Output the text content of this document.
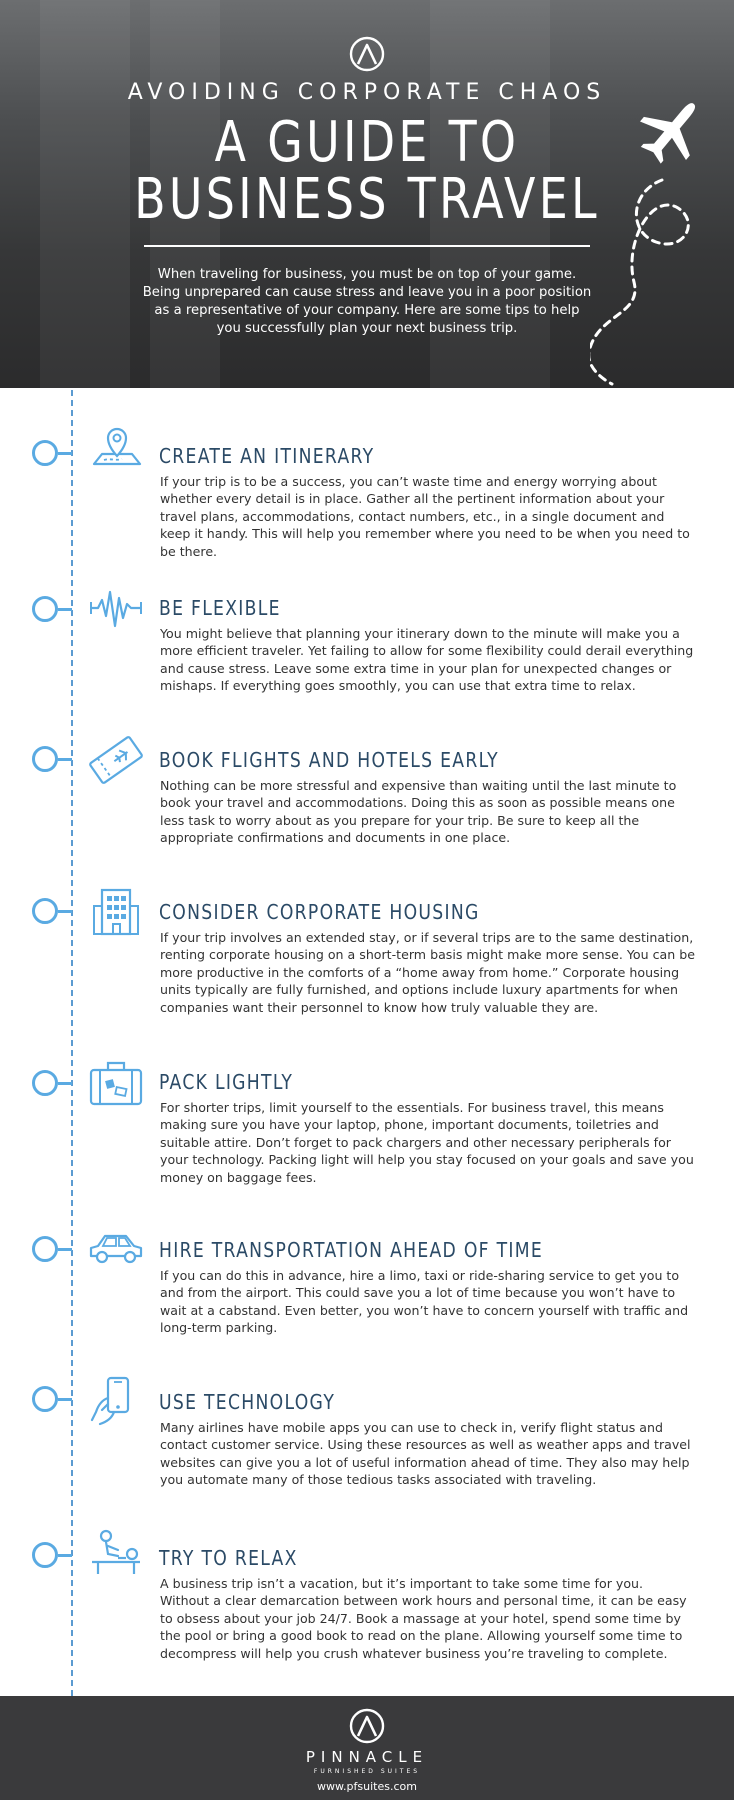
AVOIDING CORPORATE CHAOS
A GUIDE TO
BUSINESS TRAVEL
When traveling for business, you must be on top of your game. Being unprepared can cause stress and leave you in a poor position as a representative of your company. Here are some tips to help you successfully plan your next business trip.
CREATE AN ITINERARY
If your trip is to be a success, you can’t waste time and energy worrying about whether every detail is in place. Gather all the pertinent information about your travel plans, accommodations, contact numbers, etc., in a single document and keep it handy. This will help you remember where you need to be when you need to be there.
BE FLEXIBLE
You might believe that planning your itinerary down to the minute will make you a more efficient traveler. Yet failing to allow for some flexibility could derail everything and cause stress. Leave some extra time in your plan for unexpected changes or mishaps. If everything goes smoothly, you can use that extra time to relax.
BOOK FLIGHTS AND HOTELS EARLY
Nothing can be more stressful and expensive than waiting until the last minute to book your travel and accommodations. Doing this as soon as possible means one less task to worry about as you prepare for your trip. Be sure to keep all the appropriate confirmations and documents in one place.
CONSIDER CORPORATE HOUSING
If your trip involves an extended stay, or if several trips are to the same destination, renting corporate housing on a short-term basis might make more sense. You can be more productive in the comforts of a “home away from home.” Corporate housing units typically are fully furnished, and options include luxury apartments for when companies want their personnel to know how truly valuable they are.
PACK LIGHTLY
For shorter trips, limit yourself to the essentials. For business travel, this means making sure you have your laptop, phone, important documents, toiletries and suitable attire. Don’t forget to pack chargers and other necessary peripherals for your technology. Packing light will help you stay focused on your goals and save you money on baggage fees.
HIRE TRANSPORTATION AHEAD OF TIME
If you can do this in advance, hire a limo, taxi or ride-sharing service to get you to and from the airport. This could save you a lot of time because you won’t have to wait at a cabstand. Even better, you won’t have to concern yourself with traffic and long-term parking.
USE TECHNOLOGY
Many airlines have mobile apps you can use to check in, verify flight status and contact customer service. Using these resources as well as weather apps and travel websites can give you a lot of useful information ahead of time. They also may help you automate many of those tedious tasks associated with traveling.
TRY TO RELAX
A business trip isn’t a vacation, but it’s important to take some time for you. Without a clear demarcation between work hours and personal time, it can be easy to obsess about your job 24/7. Book a massage at your hotel, spend some time by the pool or bring a good book to read on the plane. Allowing yourself some time to decompress will help you crush whatever business you’re traveling to complete.
PINNACLE
FURNISHED SUITES
www.pfsuites.com
